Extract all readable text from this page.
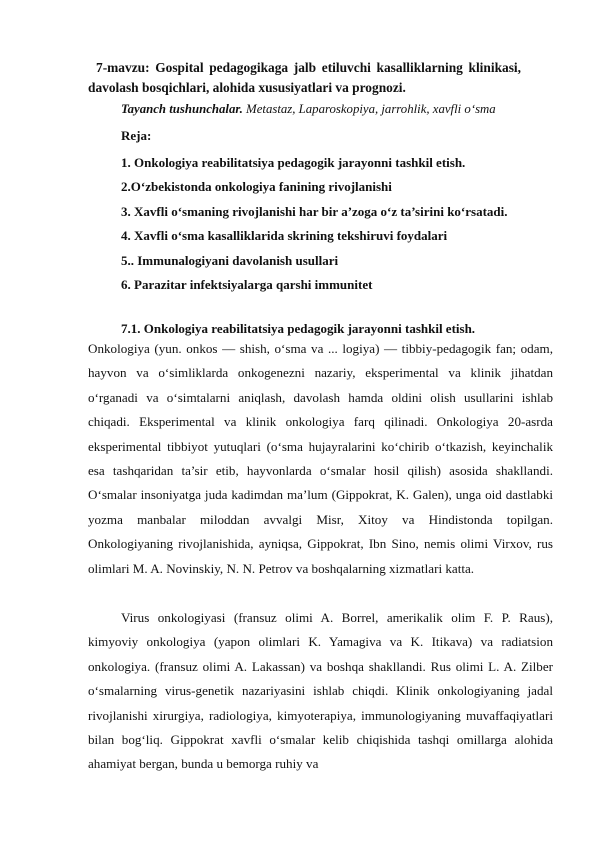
7-mavzu: Gospital pedagogikaga jalb etiluvchi kasalliklarning klinikasi, davolash bosqichlari, alohida xususiyatlari va prognozi.
Tayanch tushunchalar. Metastaz, Laparoskopiya, jarrohlik, xavfli o‘sma
Reja:
1. Onkologiya reabilitatsiya pedagogik jarayonni tashkil etish.
2.O‘zbekistonda onkologiya fanining rivojlanishi
3. Xavfli o‘smaning rivojlanishi har bir a’zoga o‘z ta’sirini ko‘rsatadi.
4. Xavfli o‘sma kasalliklarida skrining tekshiruvi foydalari
5.. Immunalogiyani davolanish usullari
6. Parazitar infektsiyalarga qarshi immunitet
7.1. Onkologiya reabilitatsiya pedagogik jarayonni tashkil etish.

Onkologiya (yun. onkos — shish, o‘sma va ... logiya) — tibbiy-pedagogik fan; odam, hayvon va o‘simliklarda onkogenezni nazariy, eksperimental va klinik jihatdan o‘rganadi va o‘simtalarni aniqlash, davolash hamda oldini olish usullarini ishlab chiqadi. Eksperimental va klinik onkologiya farq qilinadi. Onkologiya 20-asrda eksperimental tibbiyot yutuqlari (o‘sma hujayralarini ko‘chirib o‘tkazish, keyinchalik esa tashqaridan ta’sir etib, hayvonlarda o‘smalar hosil qilish) asosida shakllandi. O‘smalar insoniyatga juda kadimdan ma’lum (Gippokrat, K. Galen), unga oid dastlabki yozma manbalar miloddan avvalgi Misr, Xitoy va Hindistonda topilgan. Onkologiyaning rivojlanishida, ayniqsa, Gippokrat, Ibn Sino, nemis olimi Virxov, rus olimlari M. A. Novinskiy, N. N. Petrov va boshqalarning xizmatlari katta.

Virus onkologiyasi (fransuz olimi A. Borrel, amerikalik olim F. P. Raus), kimyoviy onkologiya (yapon olimlari K. Yamagiva va K. Itikava) va radiatsion onkologiya. (fransuz olimi A. Lakassan) va boshqa shakllandi. Rus olimi L. A. Zilber o‘smalarning virus-genetik nazariyasini ishlab chiqdi. Klinik onkologiyaning jadal rivojlanishi xirurgiya, radiologiya, kimyoterapiya, immunologiyaning muvaffaqiyatlari bilan bog‘liq. Gippokrat xavfli o‘smalar kelib chiqishida tashqi omillarga alohida ahamiyat bergan, bunda u bemorga ruhiy va
